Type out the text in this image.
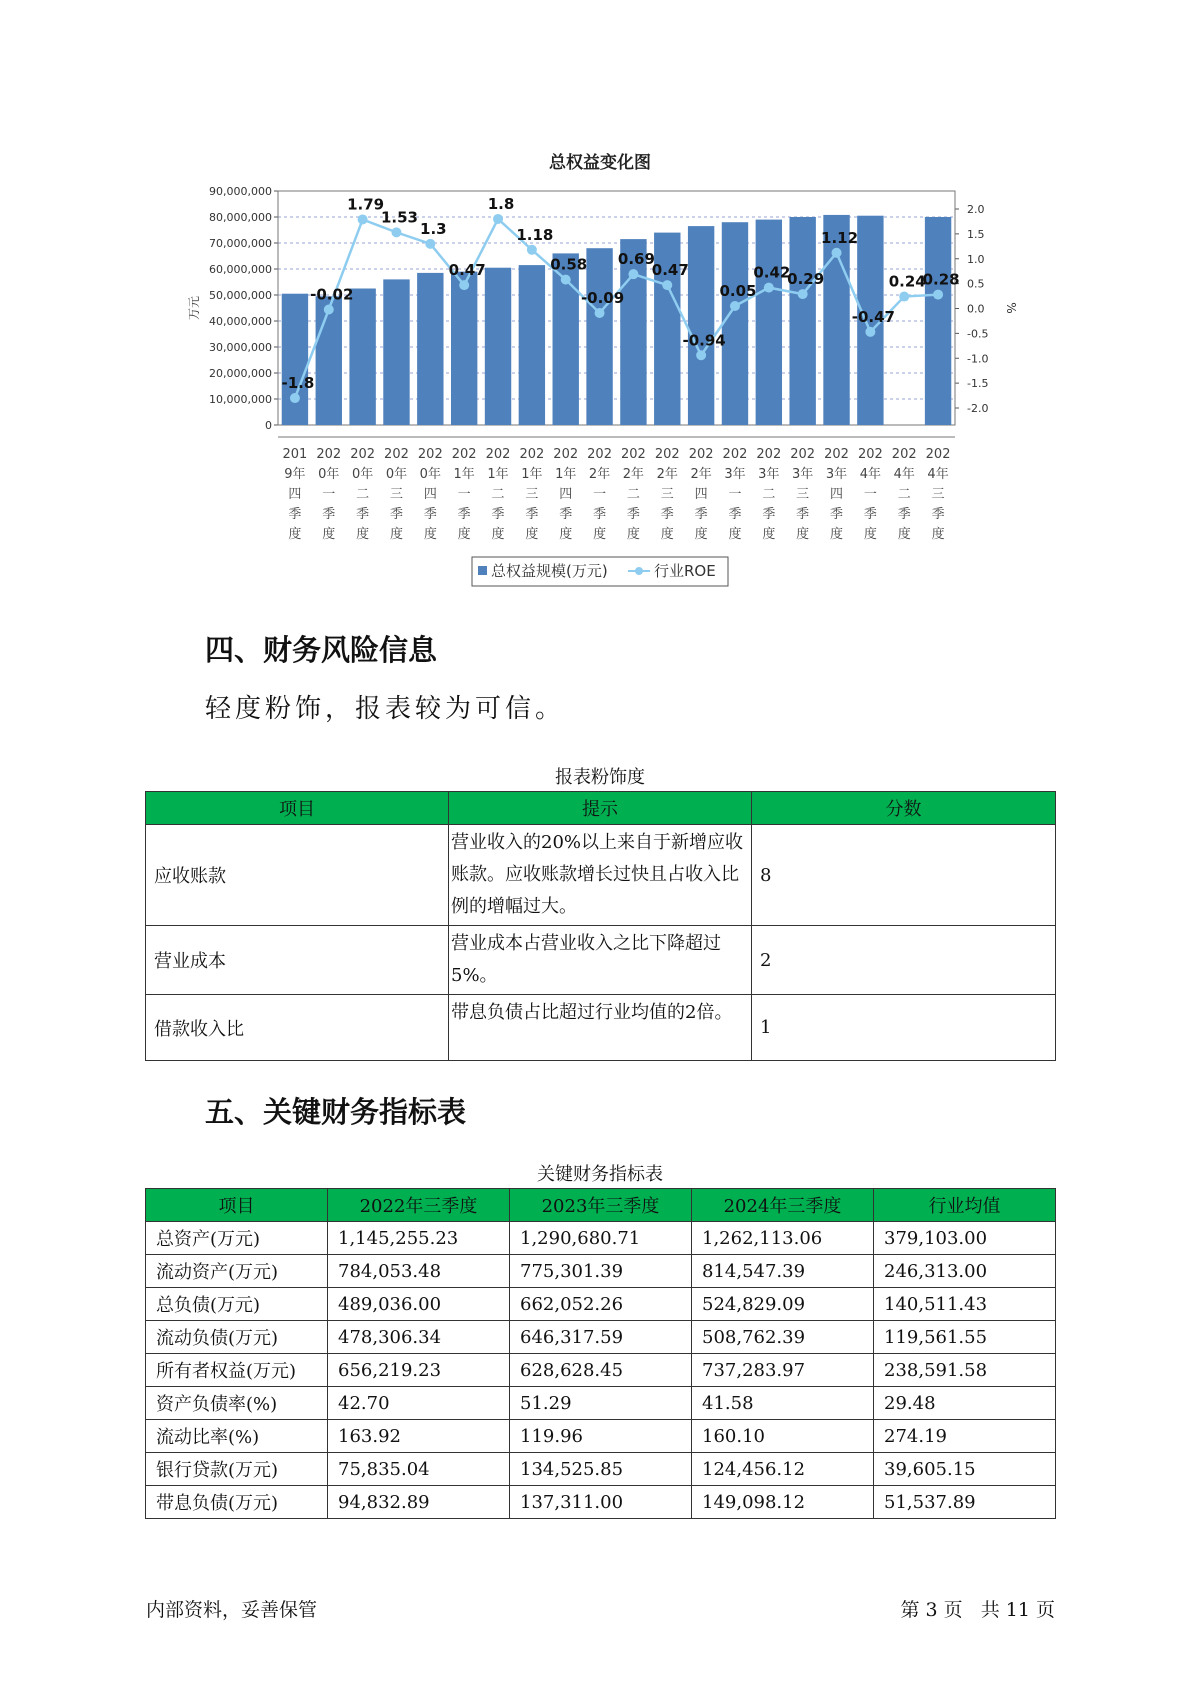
总权益变化图
0
10,000,000
20,000,000
30,000,000
40,000,000
50,000,000
60,000,000
70,000,000
80,000,000
90,000,000
-2.0
-1.5
-1.0
-0.5
0.0
0.5
1.0
1.5
2.0
万元	%
-1.8
-0.02
1.79
1.53
1.3
0.47
1.8
1.18
0.58
-0.09
0.69
0.47
-0.94
0.05
0.42
0.29
1.12
-0.47
0.24
0.28
201 9年四季度
202 0年一季度
202 0年二季度
202 0年三季度
202 0年四季度
202 1年一季度
202 1年二季度
202 1年三季度
202 1年四季度
202 2年一季度
202 2年二季度
202 2年三季度
202 2年四季度
202 3年一季度
202 3年二季度
202 3年三季度
202 3年四季度
202 4年一季度
202 4年二季度
202 4年三季度
总权益规模(万元)	行业ROE
四、财务风险信息

轻度粉饰，报表较为可信。

报表粉饰度
项目	提示	分数
应收账款	营业收入的20%以上来自于新增应收账款。应收账款增长过快且占收入比例的增幅过大。	8
营业成本	营业成本占营业收入之比下降超过5%。	2
借款收入比	带息负债占比超过行业均值的2倍。	1
五、关键财务指标表
关键财务指标表
项目	2022年三季度	2023年三季度	2024年三季度	行业均值
总资产(万元)	1,145,255.23	1,290,680.71	1,262,113.06	379,103.00
流动资产(万元)	784,053.48	775,301.39	814,547.39	246,313.00
总负债(万元)	489,036.00	662,052.26	524,829.09	140,511.43
流动负债(万元)	478,306.34	646,317.59	508,762.39	119,561.55
所有者权益(万元)	656,219.23	628,628.45	737,283.97	238,591.58
资产负债率(%)	42.70	51.29	41.58	29.48
流动比率(%)	163.92	119.96	160.10	274.19
银行贷款(万元)	75,835.04	134,525.85	124,456.12	39,605.15
带息负债(万元)	94,832.89	137,311.00	149,098.12	51,537.89
内部资料，妥善保管	第 3 页   共 11 页
